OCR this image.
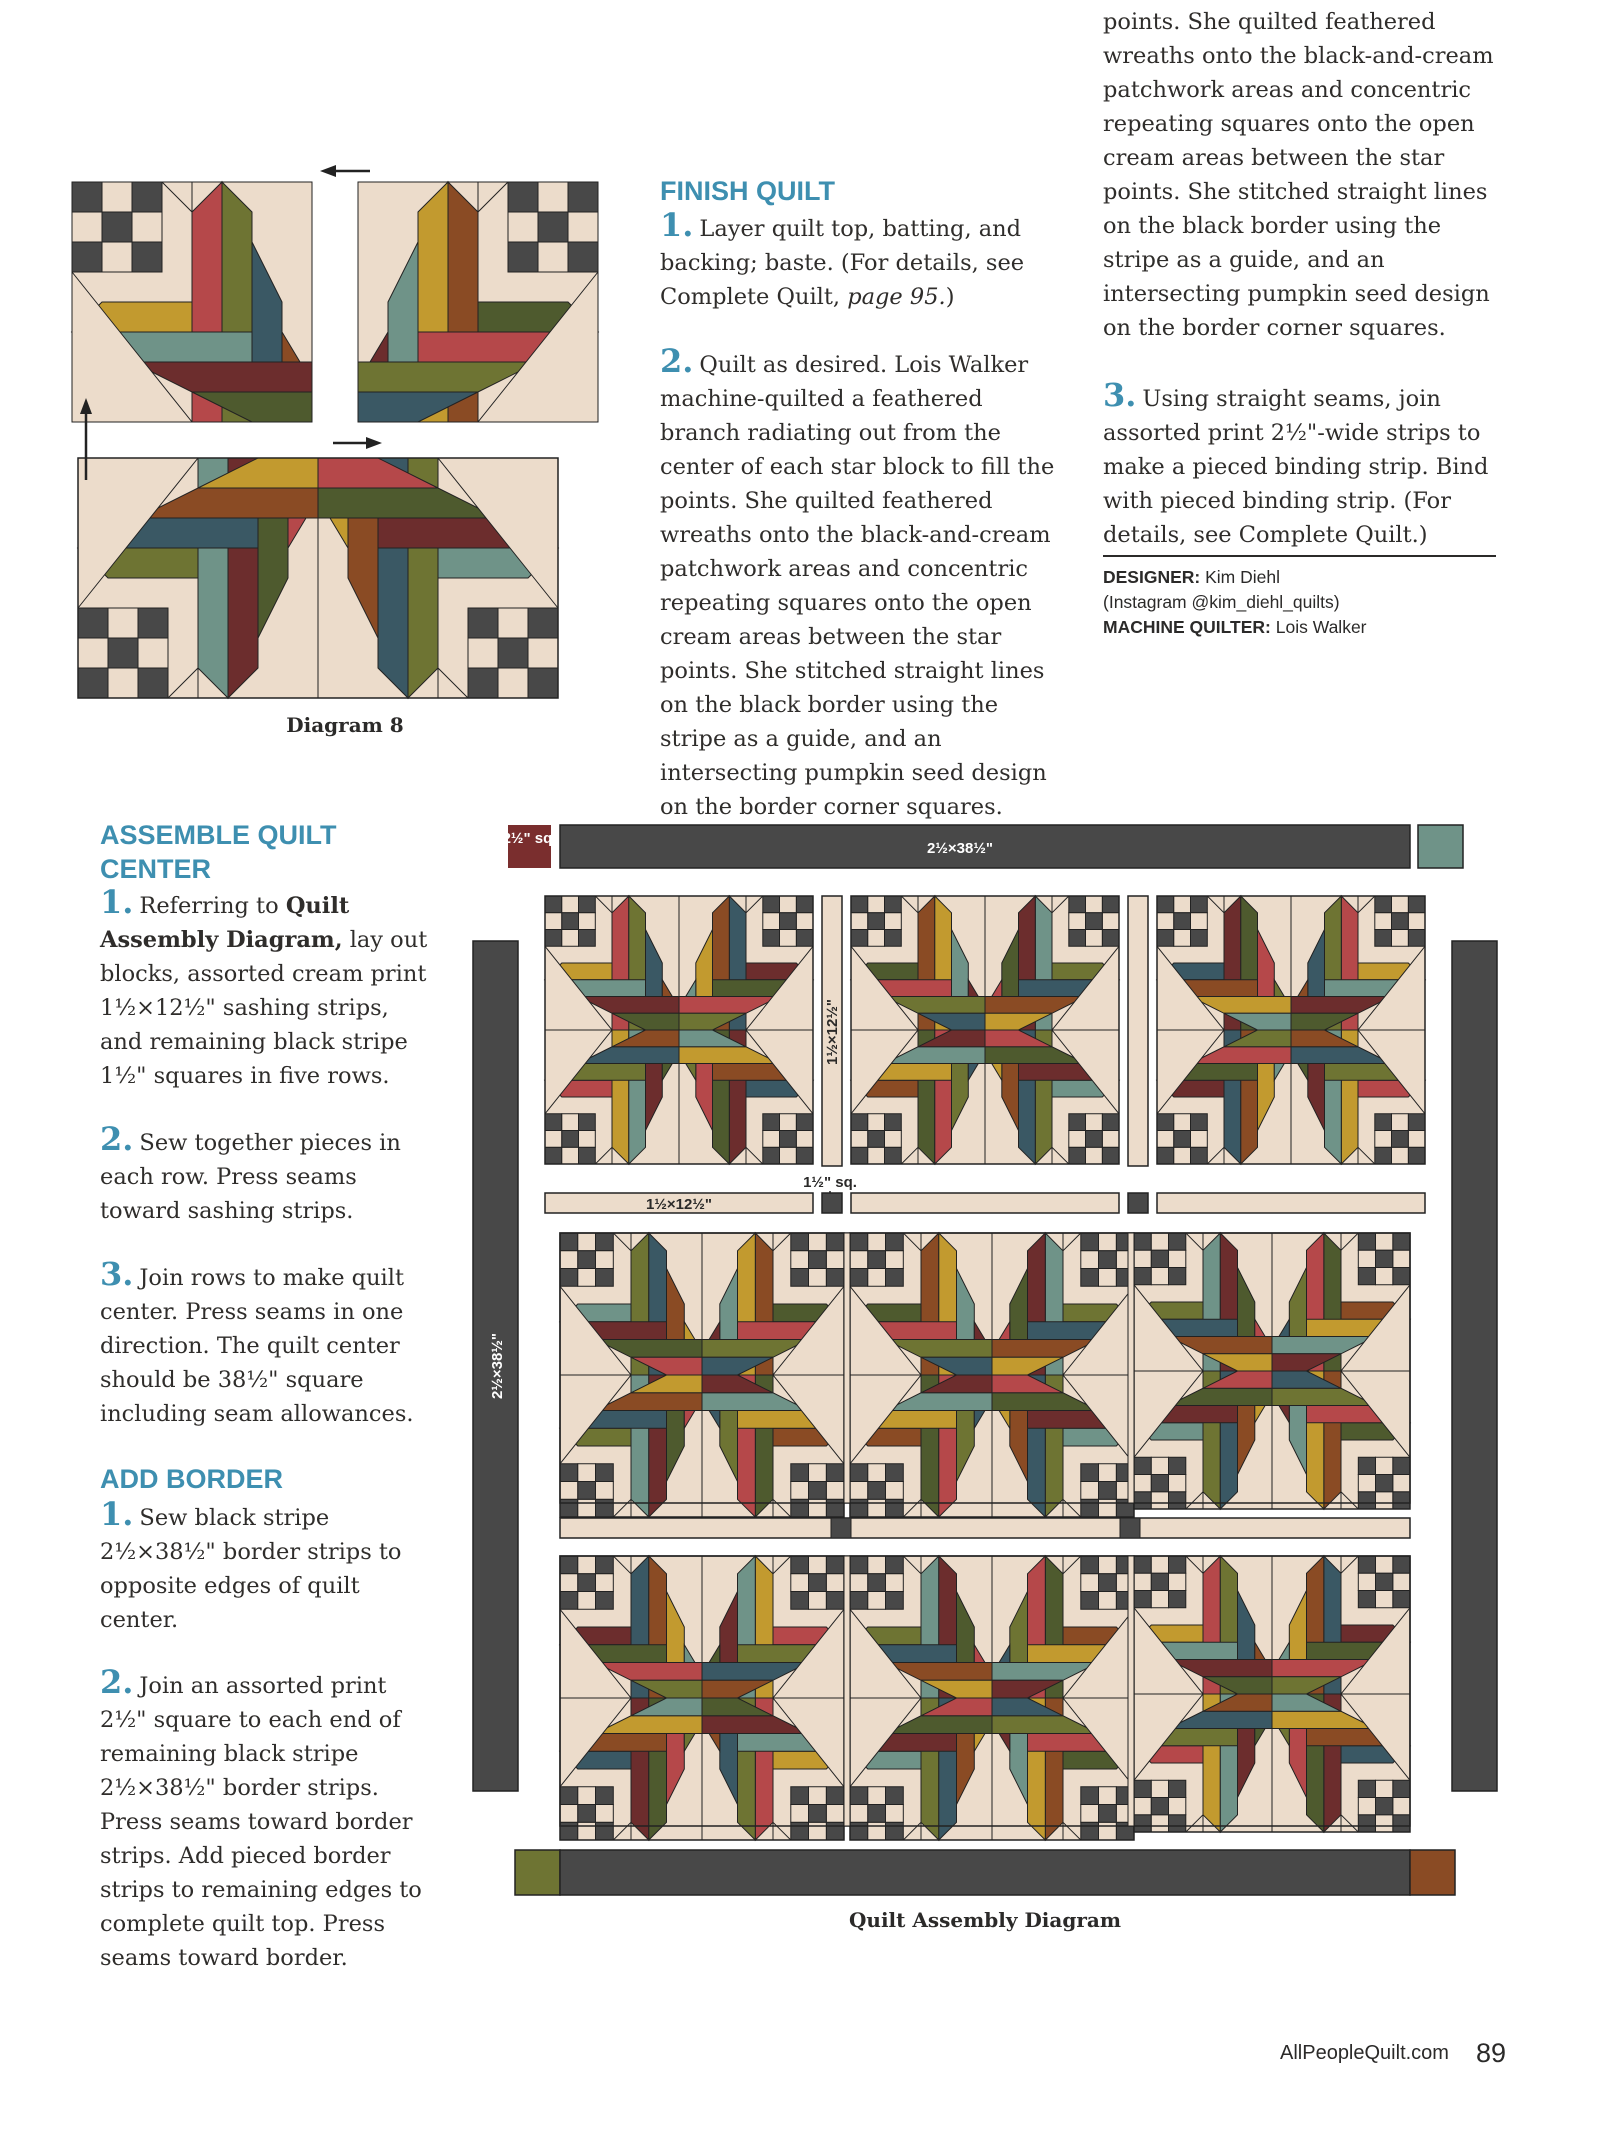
FINISH QUILT

1. Layer quilt top, batting, and backing; baste. (For details, see Complete Quilt, page 95.)

2. Quilt as desired. Lois Walker machine-quilted a feathered branch radiating out from the center of each star block to fill the points. She quilted feathered wreaths onto the black-and-cream patchwork areas and concentric repeating squares onto the open cream areas between the star points. She stitched straight lines on the black border using the stripe as a guide, and an intersecting pumpkin seed design on the border corner squares.

points. She quilted feathered wreaths onto the black-and-cream patchwork areas and concentric repeating squares onto the open cream areas between the star points. She stitched straight lines on the black border using the stripe as a guide, and an intersecting pumpkin seed design on the border corner squares.

3. Using straight seams, join assorted print 2½"-wide strips to make a pieced binding strip. Bind with pieced binding strip. (For details, see Complete Quilt.)

DESIGNER: Kim Diehl
(Instagram @kim_diehl_quilts)
MACHINE QUILTER: Lois Walker
ASSEMBLE QUILT CENTER

1. Referring to Quilt Assembly Diagram, lay out blocks, assorted cream print 1½×12½" sashing strips, and remaining black stripe 1½" squares in five rows.

2. Sew together pieces in each row. Press seams toward sashing strips.

3. Join rows to make quilt center. Press seams in one direction. The quilt center should be 38½" square including seam allowances.

ADD BORDER

1. Sew black stripe 2½×38½" border strips to opposite edges of quilt center.

2. Join an assorted print 2½" square to each end of remaining black stripe 2½×38½" border strips. Press seams toward border strips. Add pieced border strips to remaining edges to complete quilt top. Press seams toward border.

Diagram 8
2½" sq.
2½×38½"
2½×38½"
1½×12½"
1½" sq.
1½×12½"
Quilt Assembly Diagram
AllPeopleQuilt.com 89
